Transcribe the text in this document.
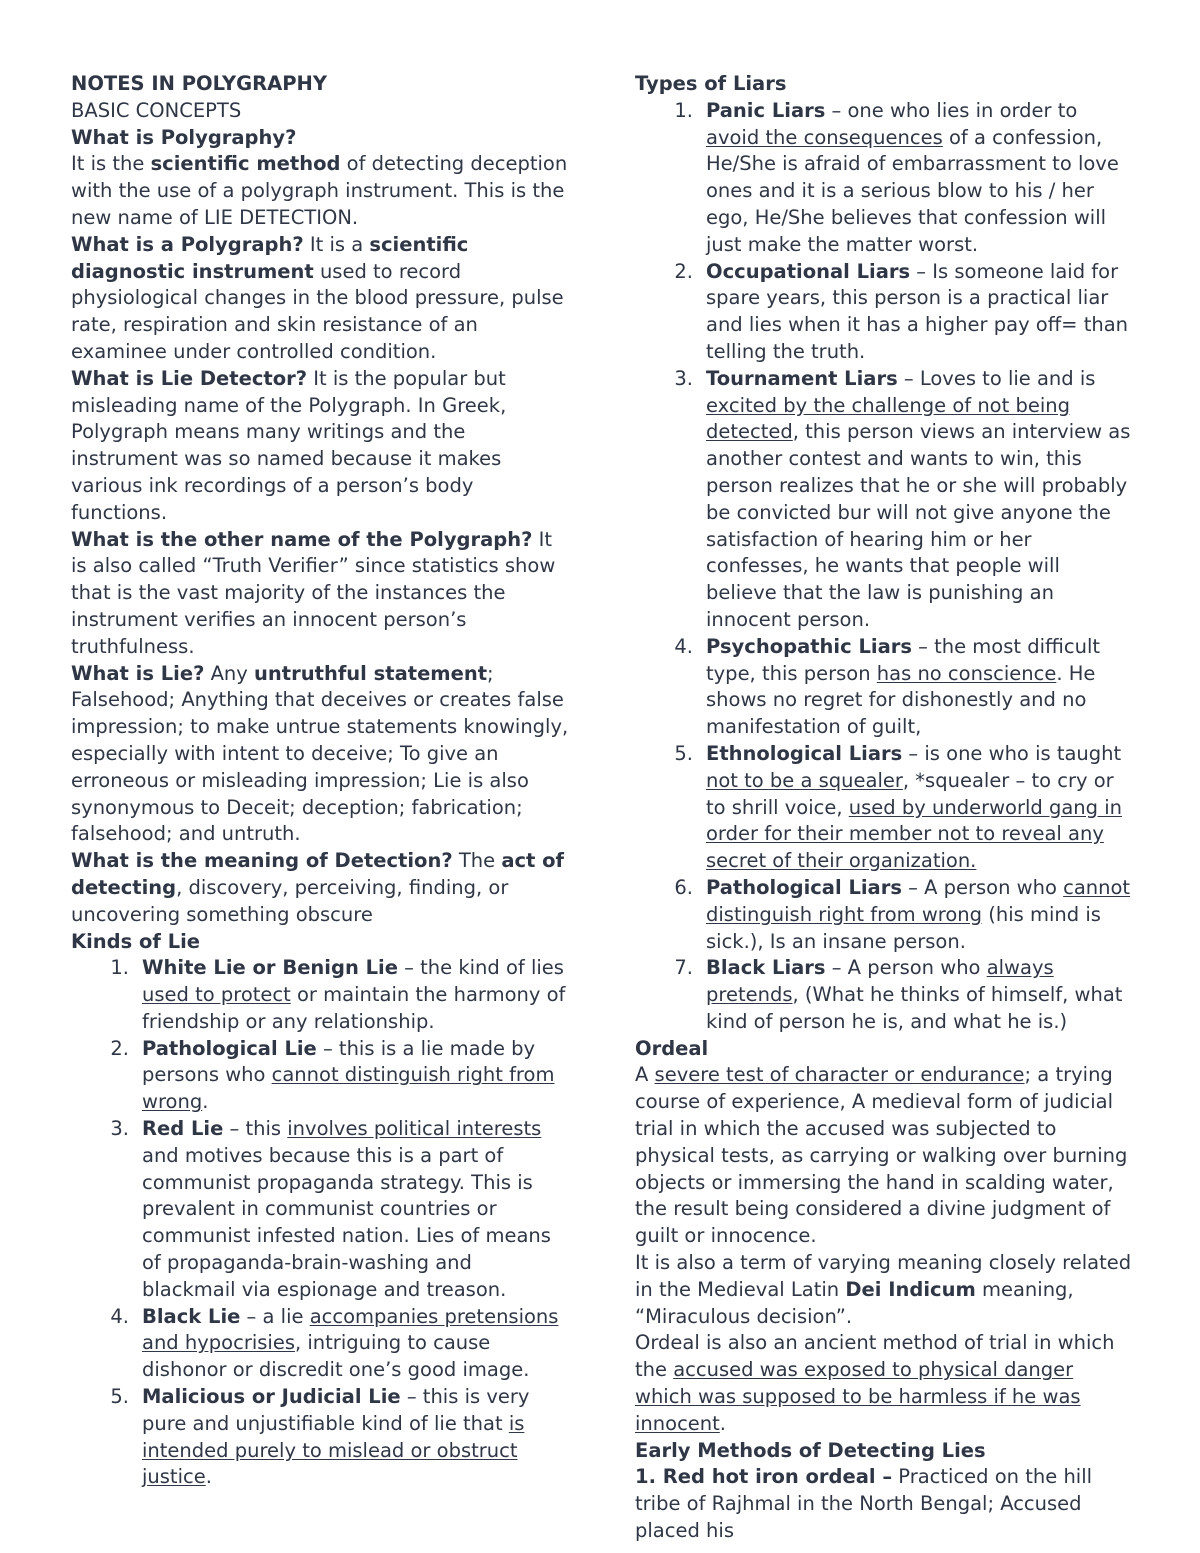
NOTES IN POLYGRAPHY

BASIC CONCEPTS

What is Polygraphy?

It is the scientific method of detecting deception with the use of a polygraph instrument. This is the new name of LIE DETECTION.

What is a Polygraph? It is a scientific diagnostic instrument used to record physiological changes in the blood pressure, pulse rate, respiration and skin resistance of an examinee under controlled condition.

What is Lie Detector? It is the popular but misleading name of the Polygraph. In Greek, Polygraph means many writings and the instrument was so named because it makes various ink recordings of a person’s body functions.

What is the other name of the Polygraph? It is also called “Truth Verifier” since statistics show that is the vast majority of the instances the instrument verifies an innocent person’s truthfulness.

What is Lie? Any untruthful statement; Falsehood; Anything that deceives or creates false impression; to make untrue statements knowingly, especially with intent to deceive; To give an erroneous or misleading impression; Lie is also synonymous to Deceit; deception; fabrication; falsehood; and untruth.

What is the meaning of Detection? The act of detecting, discovery, perceiving, finding, or uncovering something obscure

Kinds of Lie

1. White Lie or Benign Lie – the kind of lies used to protect or maintain the harmony of friendship or any relationship.
2. Pathological Lie – this is a lie made by persons who cannot distinguish right from wrong.
3. Red Lie – this involves political interests and motives because this is a part of communist propaganda strategy. This is prevalent in communist countries or communist infested nation. Lies of means of propaganda-brain-washing and blackmail via espionage and treason.
4. Black Lie – a lie accompanies pretensions and hypocrisies, intriguing to cause dishonor or discredit one’s good image.
5. Malicious or Judicial Lie – this is very pure and unjustifiable kind of lie that is intended purely to mislead or obstruct justice.

Types of Liars

1. Panic Liars – one who lies in order to avoid the consequences of a confession, He/She is afraid of embarrassment to love ones and it is a serious blow to his / her ego, He/She believes that confession will just make the matter worst.
2. Occupational Liars – Is someone laid for spare years, this person is a practical liar and lies when it has a higher pay off= than telling the truth.
3. Tournament Liars – Loves to lie and is excited by the challenge of not being detected, this person views an interview as another contest and wants to win, this person realizes that he or she will probably be convicted bur will not give anyone the satisfaction of hearing him or her confesses, he wants that people will believe that the law is punishing an innocent person.
4. Psychopathic Liars – the most difficult type, this person has no conscience. He shows no regret for dishonestly and no manifestation of guilt,
5. Ethnological Liars – is one who is taught not to be a squealer, *squealer – to cry or to shrill voice, used by underworld gang in order for their member not to reveal any secret of their organization.
6. Pathological Liars – A person who cannot distinguish right from wrong (his mind is sick.), Is an insane person.
7. Black Liars – A person who always pretends, (What he thinks of himself, what kind of person he is, and what he is.)

Ordeal

A severe test of character or endurance; a trying course of experience, A medieval form of judicial trial in which the accused was subjected to physical tests, as carrying or walking over burning objects or immersing the hand in scalding water, the result being considered a divine judgment of guilt or innocence.

It is also a term of varying meaning closely related in the Medieval Latin Dei Indicum meaning, “Miraculous decision”.

Ordeal is also an ancient method of trial in which the accused was exposed to physical danger which was supposed to be harmless if he was innocent.

Early Methods of Detecting Lies

1. Red hot iron ordeal – Practiced on the hill tribe of Rajhmal in the North Bengal; Accused placed his
